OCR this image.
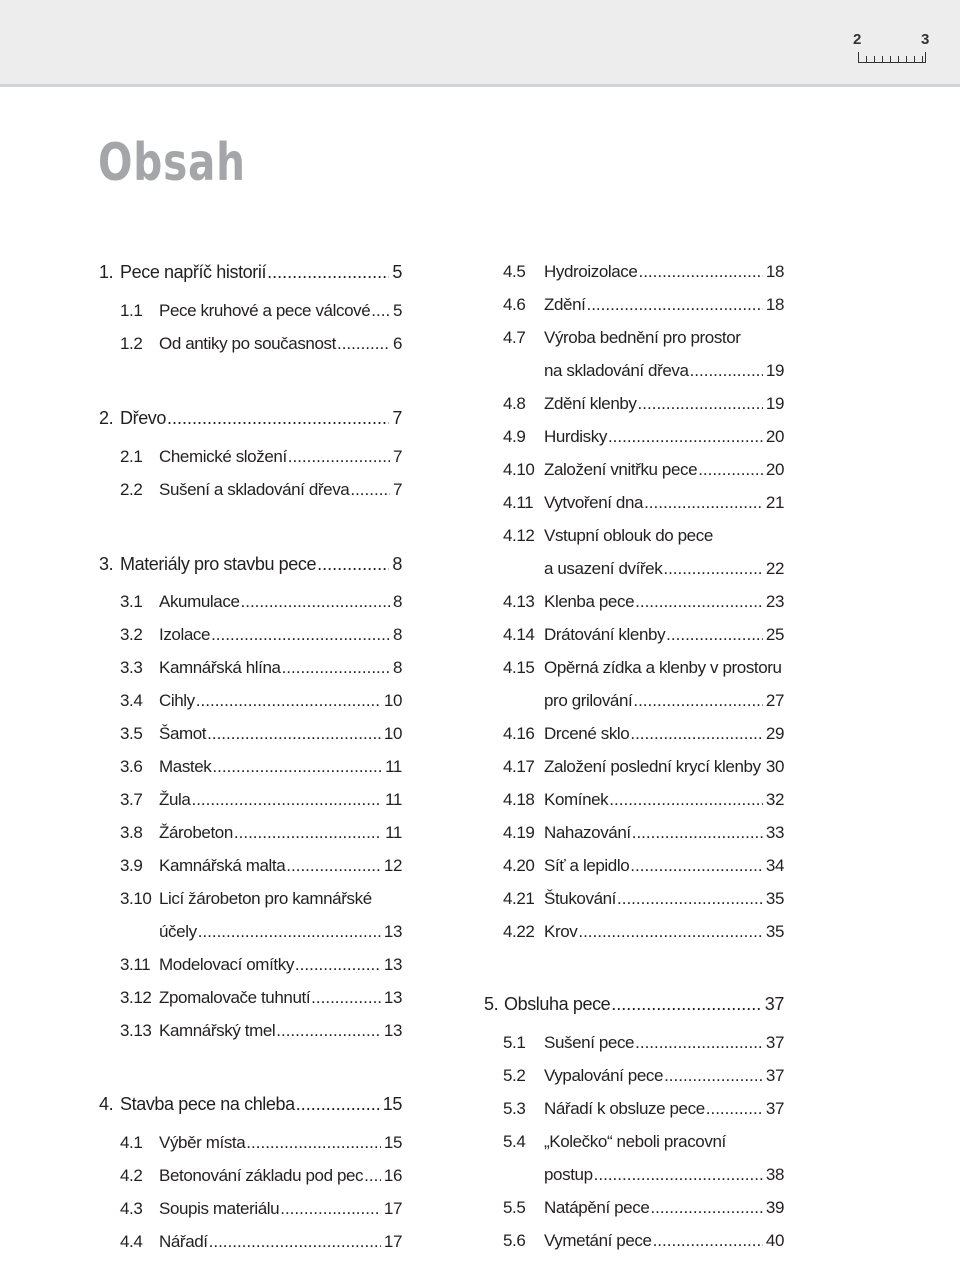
2	3
Obsah
1. Pece napříč historií .....	5
1.1 Pece kruhové a pece válcové ..... 5
1.2 Od antiky po současnost .....	6
2. Dřevo .....	7
2.1 Chemické složení .....	7
2.2 Sušení a skladování dřeva .....	7
3. Materiály pro stavbu pece .....	8
3.1 Akumulace .....	8
3.2 Izolace .....	8
3.3 Kamnářská hlína .....	8
3.4 Cihly .....	10
3.5 Šamot .....	10
3.6 Mastek .....	11
3.7 Žula .....	11
3.8 Žárobeton .....	11
3.9 Kamnářská malta .....	12
3.10 Licí žárobeton pro kamnářské
účely .....	13
3.11 Modelovací omítky .....	13
3.12 Zpomalovače tuhnutí .....	13
3.13 Kamnářský tmel .....	13
4. Stavba pece na chleba .....	15
4.1 Výběr místa .....	15
4.2 Betonování základu pod pec ..... 16
4.3 Soupis materiálu .....	17
4.4 Nářadí .....	17
4.5	Hydroizolace .....	18
4.6	Zdění .....	18
4.7	Výroba bednění pro prostor
na skladování dřeva .....	19
4.8	Zdění klenby .....	19
4.9	Hurdisky .....	20
4.10 Založení vnitřku pece .....	20
4.11 Vytvoření dna .....	21
4.12 Vstupní oblouk do pece
a usazení dvířek .....	22
4.13 Klenba pece .....	23
4.14 Drátování klenby .....	25
4.15 Opěrná zídka a klenby v prostoru
pro grilování .....	27
4.16 Drcené sklo .....	29
4.17 Založení poslední krycí klenby ..... 30
4.18 Komínek .....	32
4.19 Nahazování .....	33
4.20 Síť a lepidlo .....	34
4.21 Štukování .....	35
4.22 Krov .....	35
5. Obsluha pece .....	37
5.1	Sušení pece .....	37
5.2	Vypalování pece .....	37
5.3	Nářadí k obsluze pece .....	37
5.4	„Kolečko“ neboli pracovní
postup .....	38
5.5	Natápění pece .....	39
5.6	Vymetání pece .....	40
